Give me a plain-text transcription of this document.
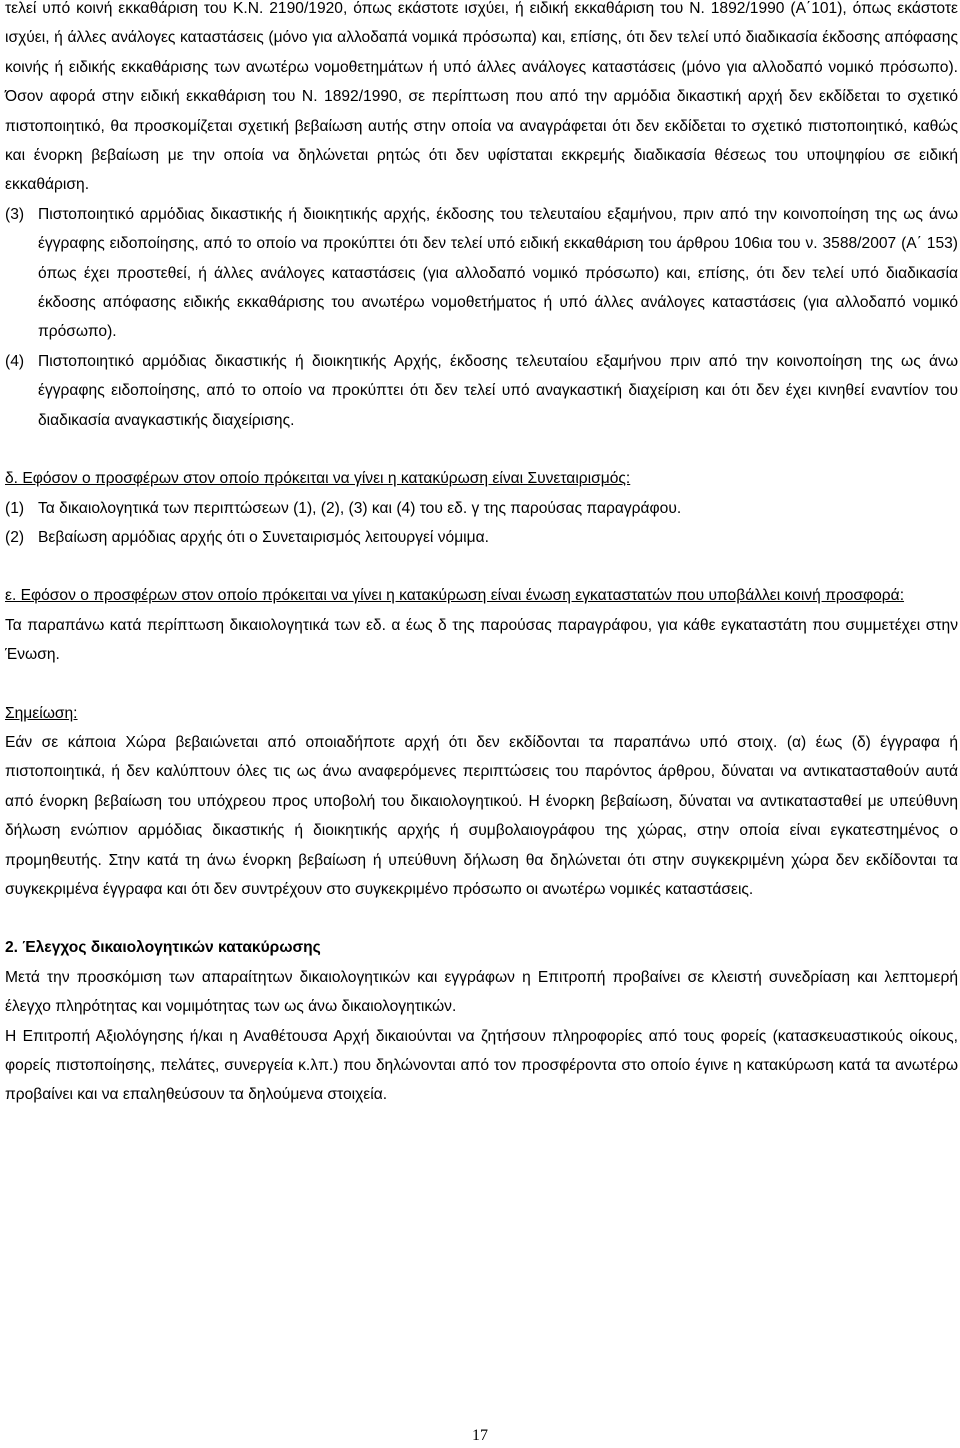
τελεί υπό κοινή εκκαθάριση του Κ.Ν. 2190/1920, όπως εκάστοτε ισχύει, ή ειδική εκκαθάριση του Ν. 1892/1990 (Α΄101), όπως εκάστοτε ισχύει, ή άλλες ανάλογες καταστάσεις (μόνο για αλλοδαπά νομικά πρόσωπα) και, επίσης, ότι δεν τελεί υπό διαδικασία έκδοσης απόφασης κοινής ή ειδικής εκκαθάρισης των ανωτέρω νομοθετημάτων ή υπό άλλες ανάλογες καταστάσεις (μόνο για αλλοδαπό νομικό πρόσωπο). Όσον αφορά στην ειδική εκκαθάριση του Ν. 1892/1990, σε περίπτωση που από την αρμόδια δικαστική αρχή δεν εκδίδεται το σχετικό πιστοποιητικό, θα προσκομίζεται σχετική βεβαίωση αυτής στην οποία να αναγράφεται ότι δεν εκδίδεται το σχετικό πιστοποιητικό, καθώς και ένορκη βεβαίωση με την οποία να δηλώνεται ρητώς ότι δεν υφίσταται εκκρεμής διαδικασία θέσεως του υποψηφίου σε ειδική εκκαθάριση.

(3) Πιστοποιητικό αρμόδιας δικαστικής ή διοικητικής αρχής, έκδοσης του τελευταίου εξαμήνου, πριν από την κοινοποίηση της ως άνω έγγραφης ειδοποίησης, από το οποίο να προκύπτει ότι δεν τελεί υπό ειδική εκκαθάριση του άρθρου 106ια του ν. 3588/2007 (Α΄ 153) όπως έχει προστεθεί, ή άλλες ανάλογες καταστάσεις (για αλλοδαπό νομικό πρόσωπο) και, επίσης, ότι δεν τελεί υπό διαδικασία έκδοσης απόφασης ειδικής εκκαθάρισης του ανωτέρω νομοθετήματος ή υπό άλλες ανάλογες καταστάσεις (για αλλοδαπό νομικό πρόσωπο).
(4) Πιστοποιητικό αρμόδιας δικαστικής ή διοικητικής Αρχής, έκδοσης τελευταίου εξαμήνου πριν από την κοινοποίηση της ως άνω έγγραφης ειδοποίησης, από το οποίο να προκύπτει ότι δεν τελεί υπό αναγκαστική διαχείριση και ότι δεν έχει κινηθεί εναντίον του διαδικασία αναγκαστικής διαχείρισης.

δ. Εφόσον ο προσφέρων στον οποίο πρόκειται να γίνει η κατακύρωση είναι Συνεταιρισμός:

(1) Τα δικαιολογητικά των περιπτώσεων (1), (2), (3) και (4) του εδ. γ της παρούσας παραγράφου.
(2) Βεβαίωση αρμόδιας αρχής ότι ο Συνεταιρισμός λειτουργεί νόμιμα.

ε. Εφόσον ο προσφέρων στον οποίο πρόκειται να γίνει η κατακύρωση είναι ένωση εγκαταστατών που υποβάλλει κοινή προσφορά:

Τα παραπάνω κατά περίπτωση δικαιολογητικά των εδ. α έως δ της παρούσας παραγράφου, για κάθε εγκαταστάτη που συμμετέχει στην Ένωση.

Σημείωση:

Εάν σε κάποια Χώρα βεβαιώνεται από οποιαδήποτε αρχή ότι δεν εκδίδονται τα παραπάνω υπό στοιχ. (α) έως (δ) έγγραφα ή πιστοποιητικά, ή δεν καλύπτουν όλες τις ως άνω αναφερόμενες περιπτώσεις του παρόντος άρθρου, δύναται να αντικατασταθούν αυτά από ένορκη βεβαίωση του υπόχρεου προς υποβολή του δικαιολογητικού. Η ένορκη βεβαίωση, δύναται να αντικατασταθεί με υπεύθυνη δήλωση ενώπιον αρμόδιας δικαστικής ή διοικητικής αρχής ή συμβολαιογράφου της χώρας, στην οποία είναι εγκατεστημένος ο προμηθευτής. Στην κατά τη άνω ένορκη βεβαίωση ή υπεύθυνη δήλωση θα δηλώνεται ότι στην συγκεκριμένη χώρα δεν εκδίδονται τα συγκεκριμένα έγγραφα και ότι δεν συντρέχουν στο συγκεκριμένο πρόσωπο οι ανωτέρω νομικές καταστάσεις.

2. Έλεγχος δικαιολογητικών κατακύρωσης

Μετά την προσκόμιση των απαραίτητων δικαιολογητικών και εγγράφων η Επιτροπή προβαίνει σε κλειστή συνεδρίαση και λεπτομερή έλεγχο πληρότητας και νομιμότητας των ως άνω δικαιολογητικών.

Η Επιτροπή Αξιολόγησης ή/και η Αναθέτουσα Αρχή δικαιούνται να ζητήσουν πληροφορίες από τους φορείς (κατασκευαστικούς οίκους, φορείς πιστοποίησης, πελάτες, συνεργεία κ.λπ.) που δηλώνονται από τον προσφέροντα στο οποίο έγινε η κατακύρωση κατά τα ανωτέρω προβαίνει και να επαληθεύσουν τα δηλούμενα στοιχεία.

17
